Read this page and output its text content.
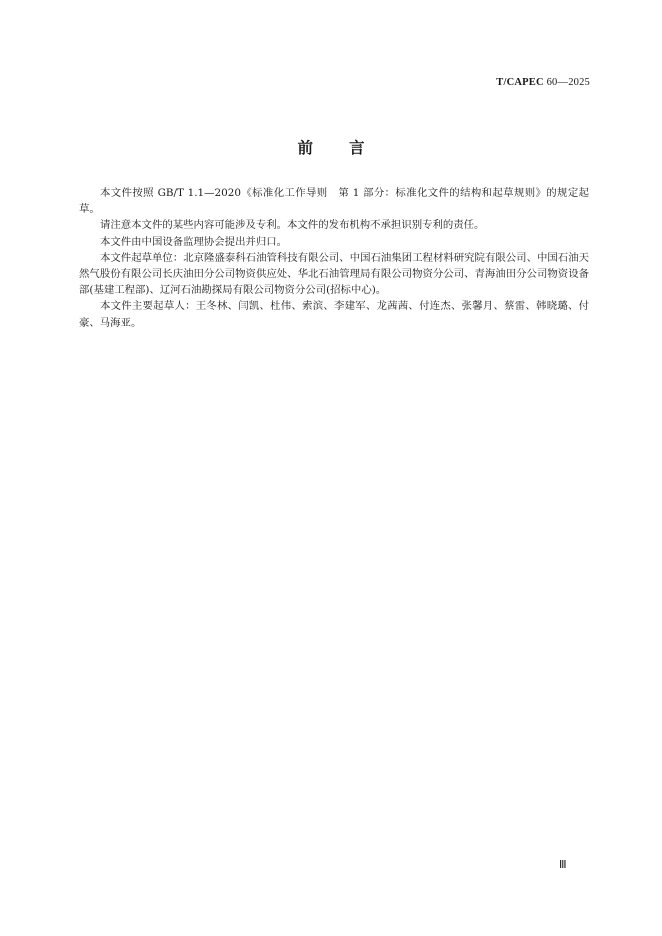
T/CAPEC 60—2025
前言

本文件按照 GB/T 1.1—2020《标准化工作导则　第 1 部分：标准化文件的结构和起草规则》的规定起草。

请注意本文件的某些内容可能涉及专利。本文件的发布机构不承担识别专利的责任。

本文件由中国设备监理协会提出并归口。

本文件起草单位：北京隆盛泰科石油管科技有限公司、中国石油集团工程材料研究院有限公司、中国石油天然气股份有限公司长庆油田分公司物资供应处、华北石油管理局有限公司物资分公司、青海油田分公司物资设备部(基建工程部)、辽河石油勘探局有限公司物资分公司(招标中心)。

本文件主要起草人：王冬林、闫凯、杜伟、索滨、李建军、龙茜茜、付连杰、张馨月、蔡雷、韩晓璐、付豪、马海亚。

Ⅲ
